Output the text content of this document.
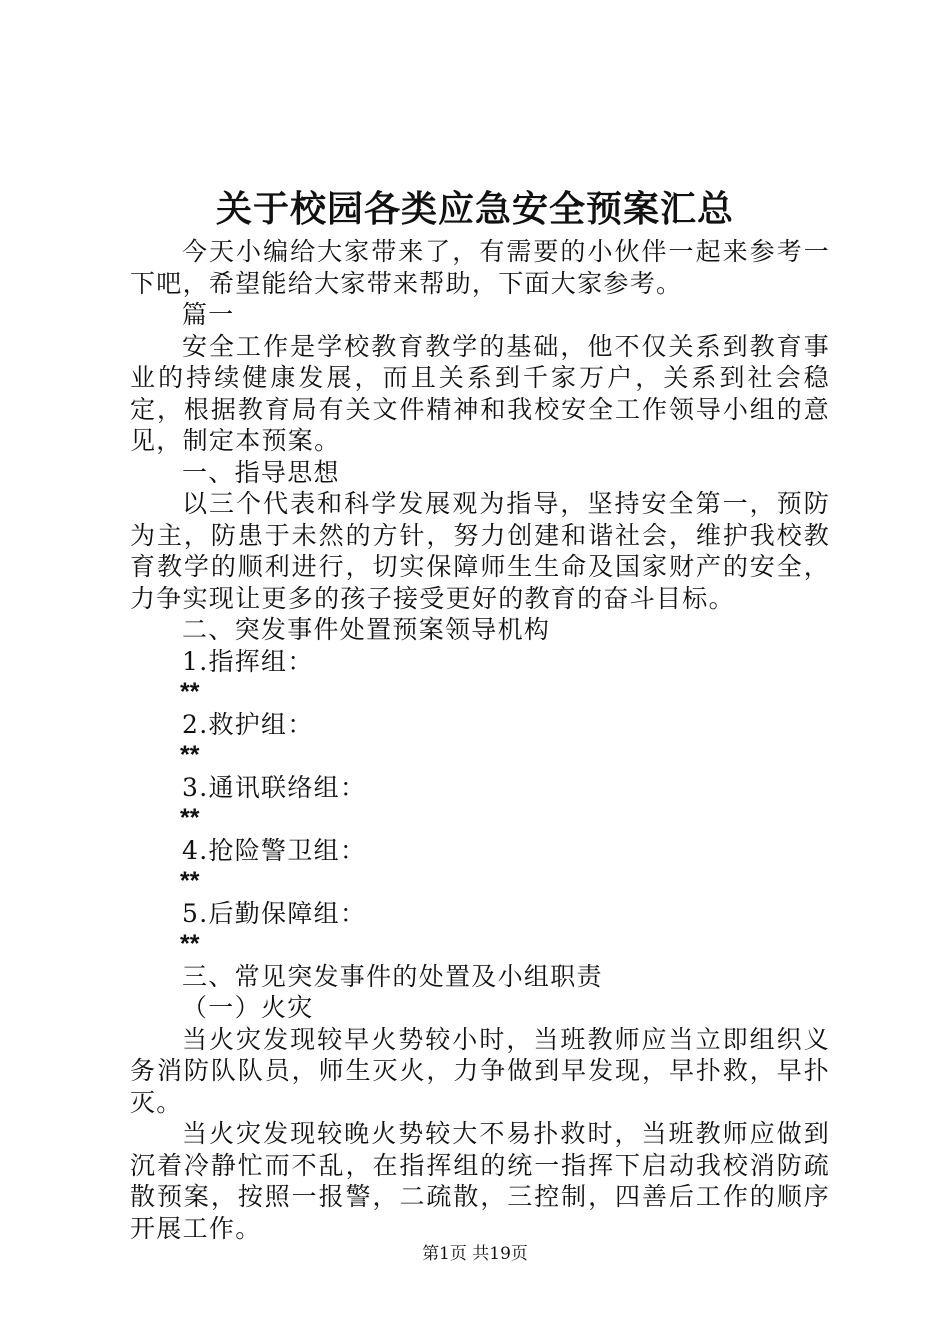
关于校园各类应急安全预案汇总

今天小编给大家带来了，有需要的小伙伴一起来参考一下吧，希望能给大家带来帮助，下面大家参考。

篇一

安全工作是学校教育教学的基础，他不仅关系到教育事业的持续健康发展，而且关系到千家万户，关系到社会稳定，根据教育局有关文件精神和我校安全工作领导小组的意见，制定本预案。

一、指导思想

以三个代表和科学发展观为指导，坚持安全第一，预防为主，防患于未然的方针，努力创建和谐社会，维护我校教育教学的顺利进行，切实保障师生生命及国家财产的安全，力争实现让更多的孩子接受更好的教育的奋斗目标。

二、突发事件处置预案领导机构

1.指挥组：

**

2.救护组：

**

3.通讯联络组：

**

4.抢险警卫组：

**

5.后勤保障组：

**

三、常见突发事件的处置及小组职责

（一）火灾

当火灾发现较早火势较小时，当班教师应当立即组织义务消防队队员，师生灭火，力争做到早发现，早扑救，早扑灭。

当火灾发现较晚火势较大不易扑救时，当班教师应做到沉着冷静忙而不乱，在指挥组的统一指挥下启动我校消防疏散预案，按照一报警，二疏散，三控制，四善后工作的顺序开展工作。

第1页 共19页
